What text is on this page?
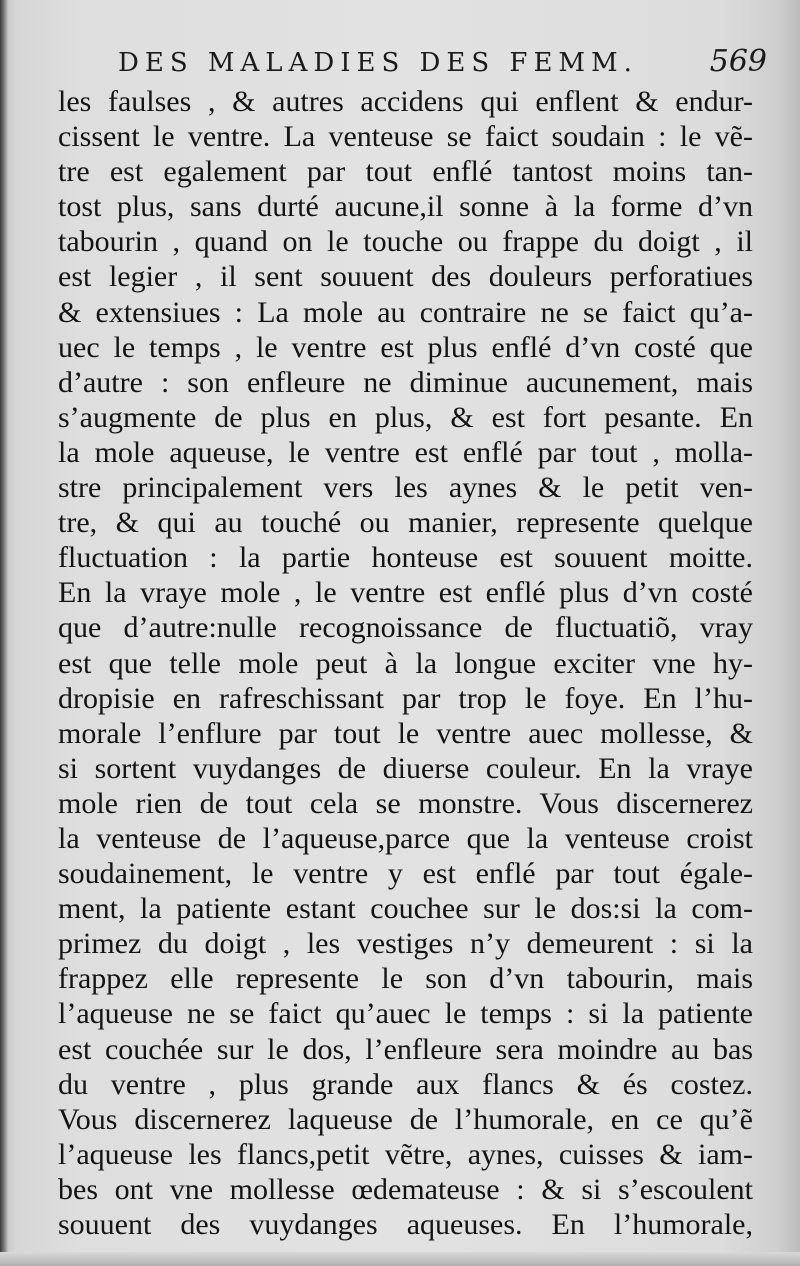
DES MALADIES DES FEMM. 569
les faulses , & autres accidens qui enflent & endur-
cissent le ventre. La venteuse se faict soudain : le vẽ-
tre est egalement par tout enflé tantost moins tan-
tost plus, sans durté aucune,il sonne à la forme d’vn
tabourin , quand on le touche ou frappe du doigt , il
est legier , il sent souuent des douleurs perforatiues
& extensiues : La mole au contraire ne se faict qu’a-
uec le temps , le ventre est plus enflé d’vn costé que
d’autre : son enfleure ne diminue aucunement, mais
s’augmente de plus en plus, & est fort pesante. En
la mole aqueuse, le ventre est enflé par tout , molla-
stre principalement vers les aynes & le petit ven-
tre, & qui au touché ou manier, represente quelque
fluctuation : la partie honteuse est souuent moitte.
En la vraye mole , le ventre est enflé plus d’vn costé
que d’autre:nulle recognoissance de fluctuatiõ, vray
est que telle mole peut à la longue exciter vne hy-
dropisie en rafreschissant par trop le foye. En l’hu-
morale l’enflure par tout le ventre auec mollesse, &
si sortent vuydanges de diuerse couleur. En la vraye
mole rien de tout cela se monstre. Vous discernerez
la venteuse de l’aqueuse,parce que la venteuse croist
soudainement, le ventre y est enflé par tout égale-
ment, la patiente estant couchee sur le dos:si la com-
primez du doigt , les vestiges n’y demeurent : si la
frappez elle represente le son d’vn tabourin, mais
l’aqueuse ne se faict qu’auec le temps : si la patiente
est couchée sur le dos, l’enfleure sera moindre au bas
du ventre , plus grande aux flancs & és costez.
Vous discernerez laqueuse de l’humorale, en ce qu’ẽ
l’aqueuse les flancs,petit vẽtre, aynes, cuisses & iam-
bes ont vne mollesse œdemateuse : & si s’escoulent
souuent des vuydanges aqueuses. En l’humorale,
